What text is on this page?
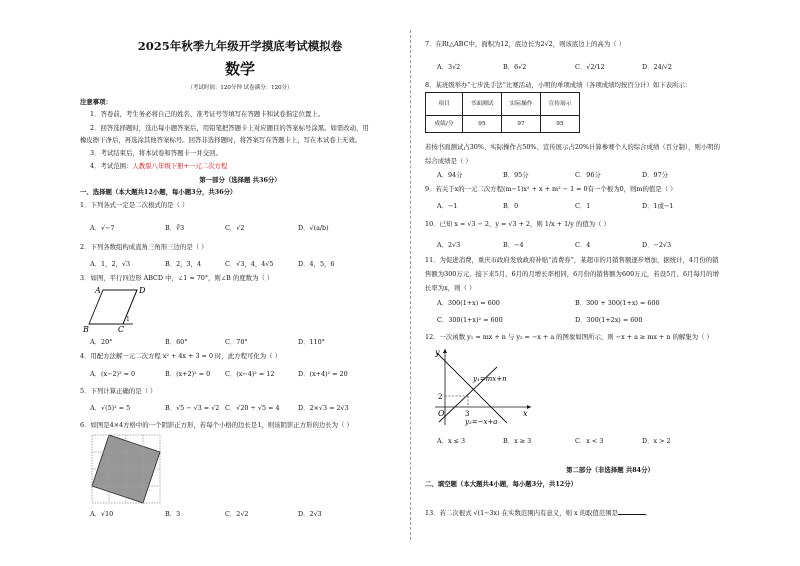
2025年秋季九年级开学摸底考试模拟卷
数学
（考试时间：120分钟 试卷满分：120分）
注意事项：
1．答卷前，考生务必将自己的姓名、准考证号等填写在答题卡和试卷指定位置上。
2．回答选择题时，选出每小题答案后，用铅笔把答题卡上对应题目的答案标号涂黑。如需改动，用
橡皮擦干净后，再选涂其他答案标号。回答非选择题时，将答案写在答题卡上，写在本试卷上无效。
3．考试结束后，将本试卷和答题卡一并交回。
4．考试范围：人教版八年级下册+一元二次方程
第一部分（选择题 共36分）
一、选择题（本大题共12小题，每小题3分，共36分）
1．下列各式一定是二次根式的是（ ）
A．√−7	B．∛3	C．√2	D．√(a/b)
2．下列各数组构成直角三角形三边的是（ ）
A．1，2，√3	B．2，3，4	C．√3，4，4√5	D．4，5，6
3．如图，平行四边形 ABCD 中，∠1 = 70°，则∠B 的度数为（ ）
A	D
B	C
1
A．20°	B．60°	C．70°	D．110°
4．用配方法解一元二次方程 x² + 4x + 3 = 0 时，此方程可化为（ ）
A．(x−2)² = 0	B．(x+2)² = 0 C．(x−4)² = 12	D．(x+4)² = 20
5．下列计算正确的是（ ）
A．√(5)² = 5	B．√5 − √3 = √2 C．√20 ÷ √5 = 4	D．2×√3 = 2√3
6．如图是4×4方格中的一个阴影正方形，若每个小格的边长是1，则该阴影正方形的边长为（ ）
A．√10	B．3	C．2√2	D．2√3
7．在Rt△ABC中，面积为12，底边长为2√2，则该底边上的高为（ ）
A．3√2	B．6√2	C．√2/12	D．24/√2
8．某班级举办“七步洗手法”比赛活动，小明的单项成绩（各项成绩均按百分计）如下表所示：
项目	书面测试	实际操作	宣传展示
成绩/分	95	97	95
若按书面测试占30%、实际操作占50%、宣传展示占20%计算参赛个人的综合成绩（百分制），则小明的
综合成绩是（ ）
A．94分	B．95分	C．96分	D．97分
9．若关于x的一元二次方程(m−1)x² + x + m² − 1 = 0有一个根为0，则m的值是（ ）
A．−1	B．0	C．1	D．1或−1
10．已知 x = √3 − 2，y = √3 + 2，则 1/x + 1/y 的值为（ ）
A．2√3	B．−4	C．4	D．−2√3
11．为促进消费，重庆市政府发放政府补贴“消费券”，某超市的月销售额逐步增加，据统计，4月份的销
售额为300万元，接下来5月、6月的月增长率相同，6月份的销售额为600万元，若设5月、6月每月的增
长率为x，则（ ）
A．300(1+x) = 600	B．300 + 300(1+x) = 600
C．300(1+x)² = 600	D．300(1+2x) = 600
12．一次函数 y₁ = mx + n 与 y₂ = −x + a 的图象如图所示，则 −x + a ≥ mx + n 的解集为（ ）
y
y₁=mx+n
2
O	3	x
y₂=−x+a
A．x ≤ 3	B．x ≥ 3	C．x < 3	D．x > 2
第二部分（非选择题 共84分）
二、填空题（本大题共4小题，每小题3分，共12分）
13．若二次根式 √(1−3x) 在实数范围内有意义，则 x 的取值范围是	．
